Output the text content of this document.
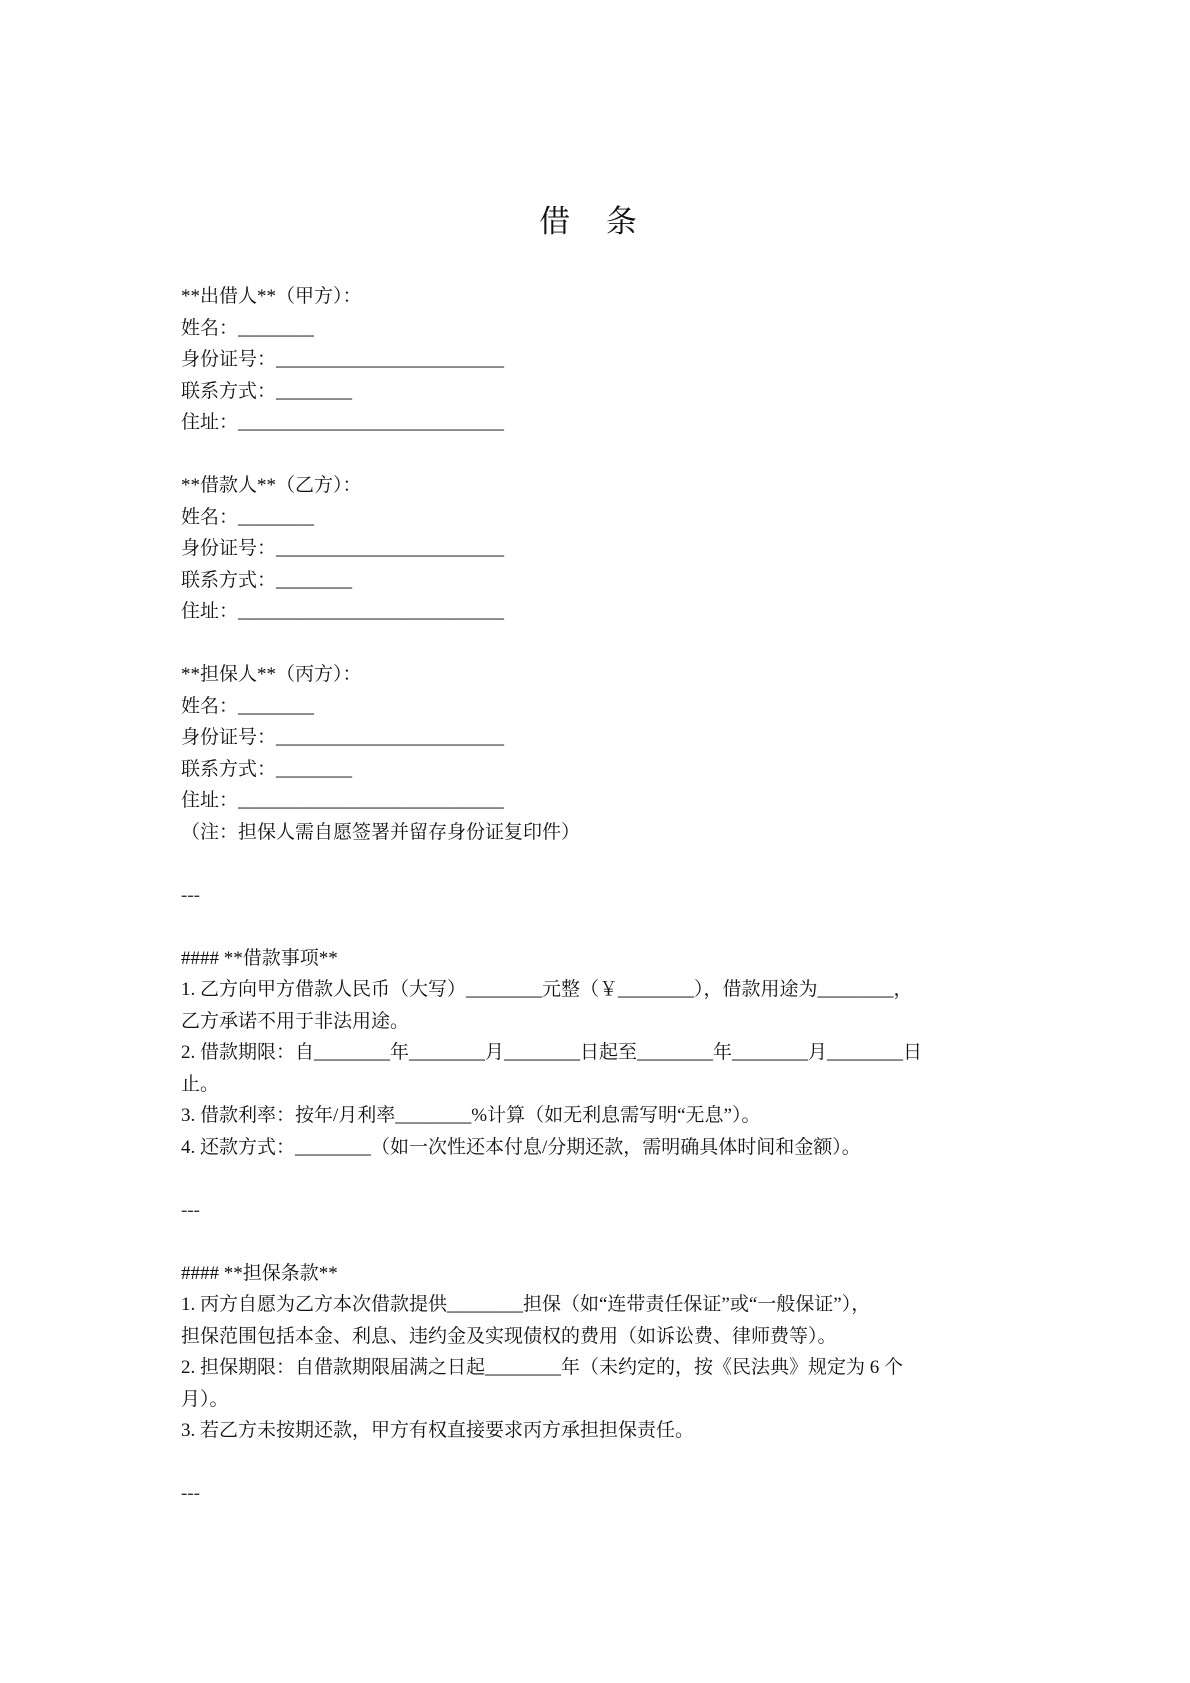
借 条
**出借人**（甲方）：
姓名：________
身份证号：________________________
联系方式：________
住址：____________________________
**借款人**（乙方）：
姓名：________
身份证号：________________________
联系方式：________
住址：____________________________
**担保人**（丙方）：
姓名：________
身份证号：________________________
联系方式：________
住址：____________________________
（注：担保人需自愿签署并留存身份证复印件）
---
#### **借款事项**
1. 乙方向甲方借款人民币（大写）________元整（￥________），借款用途为________，
乙方承诺不用于非法用途。
2. 借款期限：自________年________月________日起至________年________月________日
止。
3. 借款利率：按年/月利率________%计算（如无利息需写明“无息”）。
4. 还款方式：________（如一次性还本付息/分期还款，需明确具体时间和金额）。
---
#### **担保条款**
1. 丙方自愿为乙方本次借款提供________担保（如“连带责任保证”或“一般保证”），
担保范围包括本金、利息、违约金及实现债权的费用（如诉讼费、律师费等）。
2. 担保期限：自借款期限届满之日起________年（未约定的，按《民法典》规定为 6 个
月）。
3. 若乙方未按期还款，甲方有权直接要求丙方承担担保责任。
---
